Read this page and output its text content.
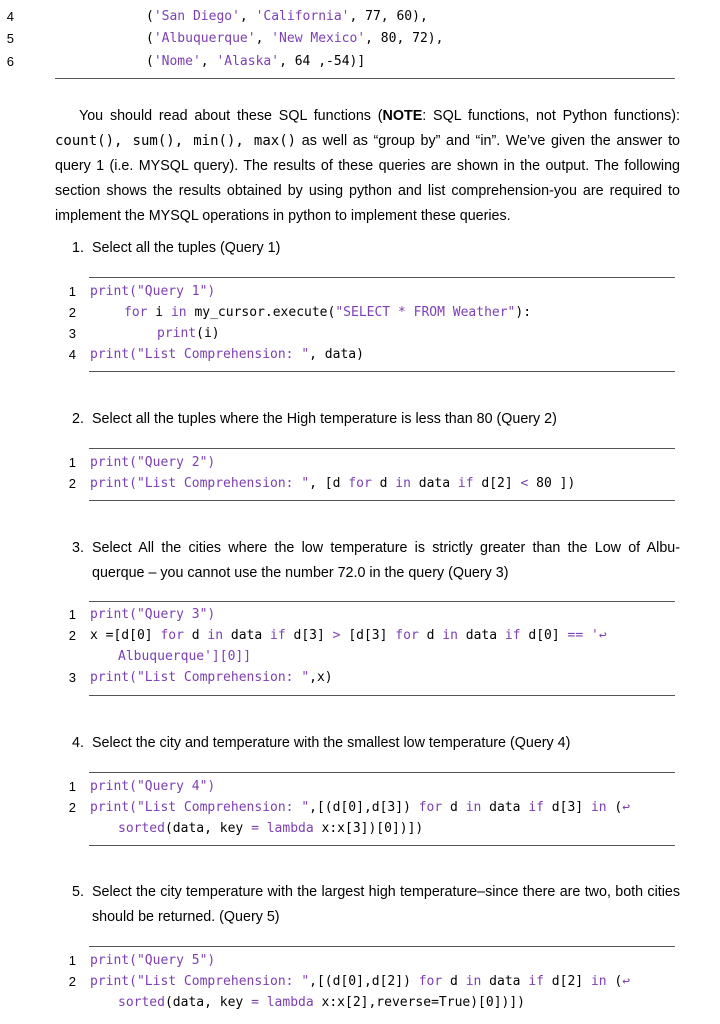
4	('San Diego', 'California', 77, 60),
5	('Albuquerque', 'New Mexico', 80, 72),
6	('Nome', 'Alaska', 64 ,-54)]
You should read about these SQL functions (NOTE: SQL functions, not Python functions): count(), sum(), min(), max() as well as “group by” and “in”. We’ve given the answer to query 1 (i.e. MYSQL query). The results of these queries are shown in the output. The following section shows the results obtained by using python and list comprehension-you are required to implement the MYSQL operations in python to implement these queries.
1. Select all the tuples (Query 1)
1 print("Query 1")
2	for i in my_cursor.execute("SELECT * FROM Weather"):
3	print(i)
4 print("List Comprehension: ", data)
2. Select all the tuples where the High temperature is less than 80 (Query 2)
1 print("Query 2")
2 print("List Comprehension: ", [d for d in data if d[2] < 80 ])
3. Select All the cities where the low temperature is strictly greater than the Low of Albu-querque – you cannot use the number 72.0 in the query (Query 3)
1 print("Query 3")
2 x =[d[0] for d in data if d[3] > [d[3] for d in data if d[0] == '↩
Albuquerque'][0]]
3 print("List Comprehension: ",x)
4. Select the city and temperature with the smallest low temperature (Query 4)
1 print("Query 4")
2 print("List Comprehension: ",[(d[0],d[3]) for d in data if d[3] in (↩
sorted(data, key = lambda x:x[3])[0])])
5. Select the city temperature with the largest high temperature–since there are two, both cities should be returned. (Query 5)
1 print("Query 5")
2 print("List Comprehension: ",[(d[0],d[2]) for d in data if d[2] in (↩
sorted(data, key = lambda x:x[2],reverse=True)[0])])
